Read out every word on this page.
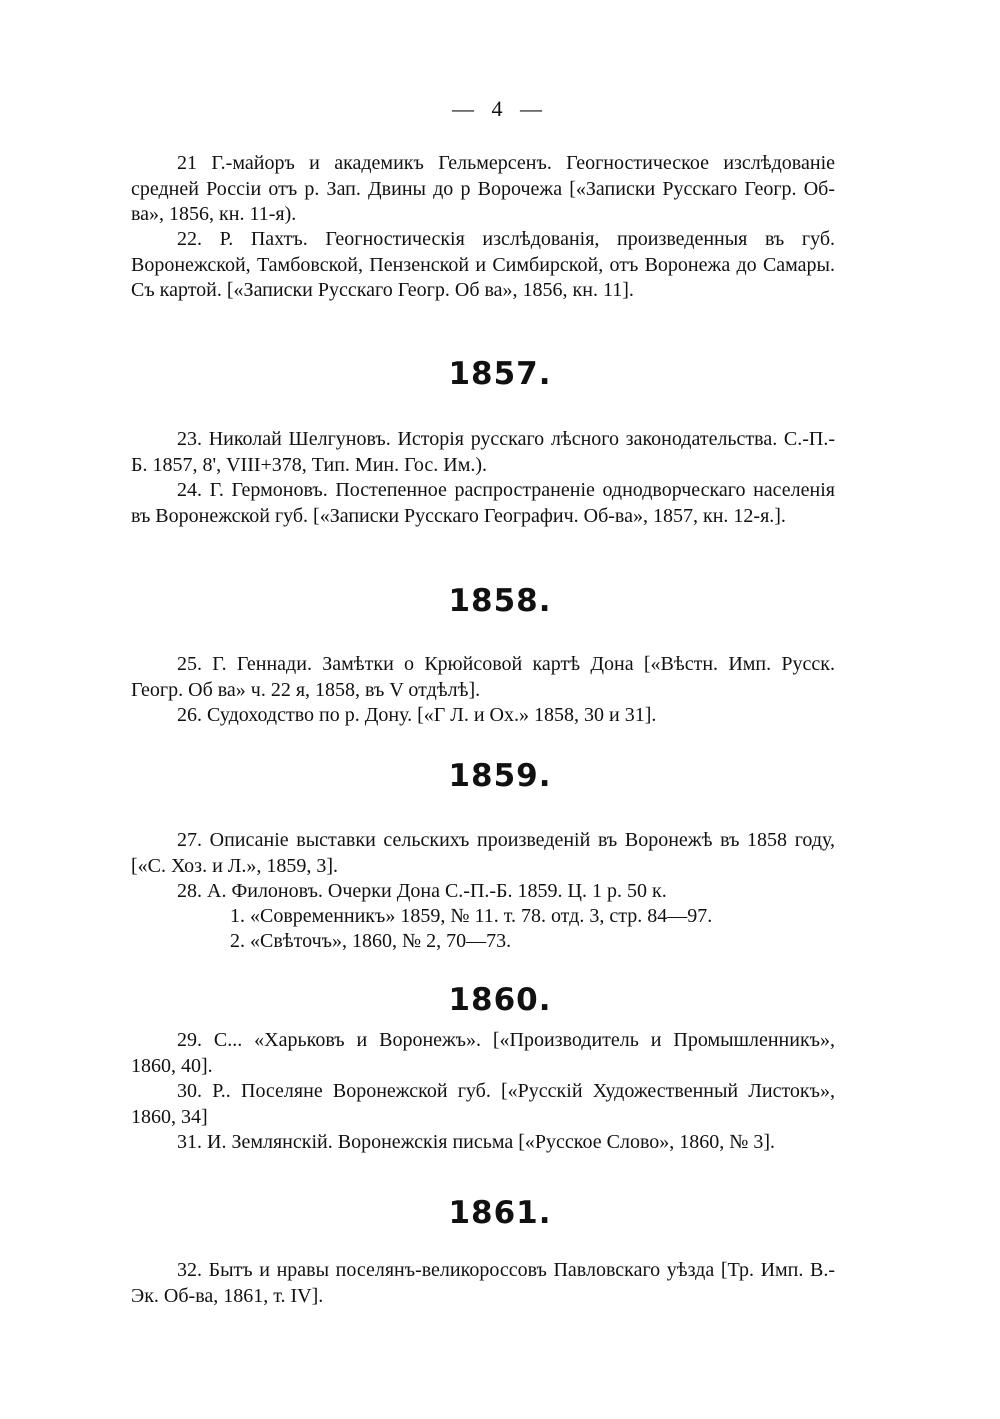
— 4 —

21 Г.-майоръ и академикъ Гельмерсенъ. Геогностическое изслѣдованіе средней Россіи отъ р. Зап. Двины до р Ворочежа [«Записки Русскаго Геогр. Об-ва», 1856, кн. 11-я).

22. Р. Пахтъ. Геогностическія изслѣдованія, произведенныя въ губ. Воронежской, Тамбовской, Пензенской и Симбирской, отъ Воронежа до Самары. Съ картой. [«Записки Русскаго Геогр. Об ва», 1856, кн. 11].

1857.

23. Николай Шелгуновъ. Исторія русскаго лѣсного законодательства. С.-П.-Б. 1857, 8', VIII+378, Тип. Мин. Гос. Им.).

24. Г. Гермоновъ. Постепенное распространеніе однодворческаго населенія въ Воронежской губ. [«Записки Русскаго Географич. Об-ва», 1857, кн. 12-я.].

1858.

25. Г. Геннади. Замѣтки о Крюйсовой картѣ Дона [«Вѣстн. Имп. Русск. Геогр. Об ва» ч. 22 я, 1858, въ V отдѣлѣ].

26. Судоходство по р. Дону. [«Г Л. и Ох.» 1858, 30 и 31].

1859.

27. Описаніе выставки сельскихъ произведеній въ Воронежѣ въ 1858 году, [«С. Хоз. и Л.», 1859, 3].

28. А. Филоновъ. Очерки Дона С.-П.-Б. 1859. Ц. 1 р. 50 к.

1. «Современникъ» 1859, № 11. т. 78. отд. 3, стр. 84—97.

2. «Свѣточъ», 1860, № 2, 70—73.

1860.

29. С... «Харьковъ и Воронежъ». [«Производитель и Промышленникъ», 1860, 40].

30. Р.. Поселяне Воронежской губ. [«Русскій Художественный Листокъ», 1860, 34]

31. И. Землянскій. Воронежскія письма [«Русское Слово», 1860, № 3].

1861.

32. Бытъ и нравы поселянъ-великороссовъ Павловскаго уѣзда [Тр. Имп. В.-Эк. Об-ва, 1861, т. IV].
